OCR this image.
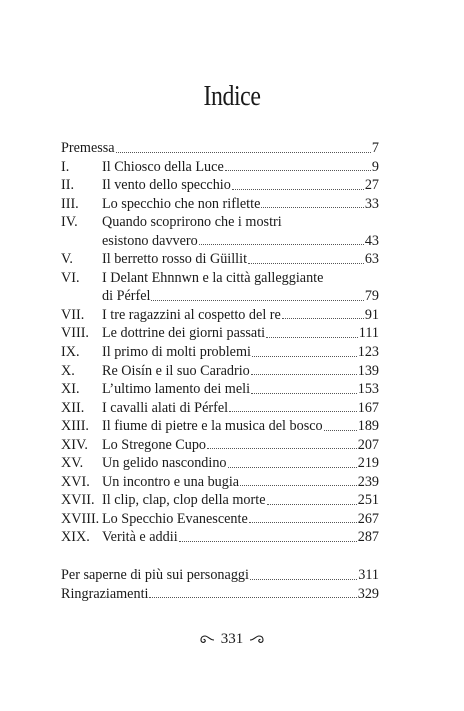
Indice
Premessa	7
I.	Il Chiosco della Luce	9
II.	Il vento dello specchio	27
III.	Lo specchio che non riflette	33
IV.	Quando scoprirono che i mostri
esistono davvero	43
V.	Il berretto rosso di Güillit	63
VI.	I Delant Ehnnwn e la città galleggiante
di Pérfel	79
VII.	I tre ragazzini al cospetto del re	91
VIII. Le dottrine dei giorni passati	111
IX.	Il primo di molti problemi	123
X.	Re Oisín e il suo Caradrio	139
XI.	L’ultimo lamento dei meli	153
XII.	I cavalli alati di Pérfel	167
XIII. Il fiume di pietre e la musica del bosco 189
XIV. Lo Stregone Cupo	207
XV.	Un gelido nascondino	219
XVI. Un incontro e una bugia	239
XVII. Il clip, clap, clop della morte	251
XVIII. Lo Specchio Evanescente	267
XIX. Verità e addii	287
Per saperne di più sui personaggi	311
Ringraziamenti	329
331
